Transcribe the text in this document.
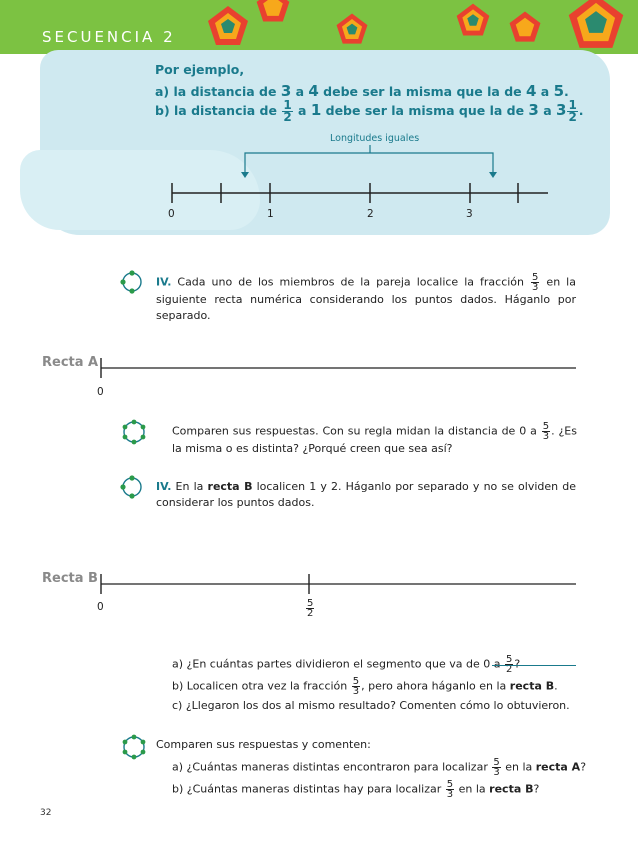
SECUENCIA 2
Por ejemplo,
a) la distancia de 3 a 4 debe ser la misma que la de 4 a 5.
b) la distancia de $\frac{1}{2}$ a 1 debe ser la misma que la de 3 a $3 \frac{1}{2}$ .
Longitudes iguales
0	1	2	3
IV. Cada uno de los miembros de la pareja localice la fracción $\frac{5}{3}$ en la siguiente recta numérica considerando los puntos dados. Háganlo por separado.
Recta A
0
Comparen sus respuestas. Con su regla midan la distancia de 0 a $\frac{5}{3}$ . ¿Es la misma o es distinta? ¿Porqué creen que sea así?
IV. En la recta B localicen 1 y 2. Háganlo por separado y no se olviden de considerar los puntos dados.
Recta B
0	$\frac{5}{2}$
a) ¿En cuántas partes dividieron el segmento que va de 0 a $\frac{5}{2}$ ?
b) Localicen otra vez la fracción $\frac{5}{3}$ , pero ahora háganlo en la recta B.
c) ¿Llegaron los dos al mismo resultado? Comenten cómo lo obtuvieron.
Comparen sus respuestas y comenten:
a) ¿Cuántas maneras distintas encontraron para localizar $\frac{5}{3}$ en la recta A?
b) ¿Cuántas maneras distintas hay para localizar $\frac{5}{3}$ en la recta B?
32
